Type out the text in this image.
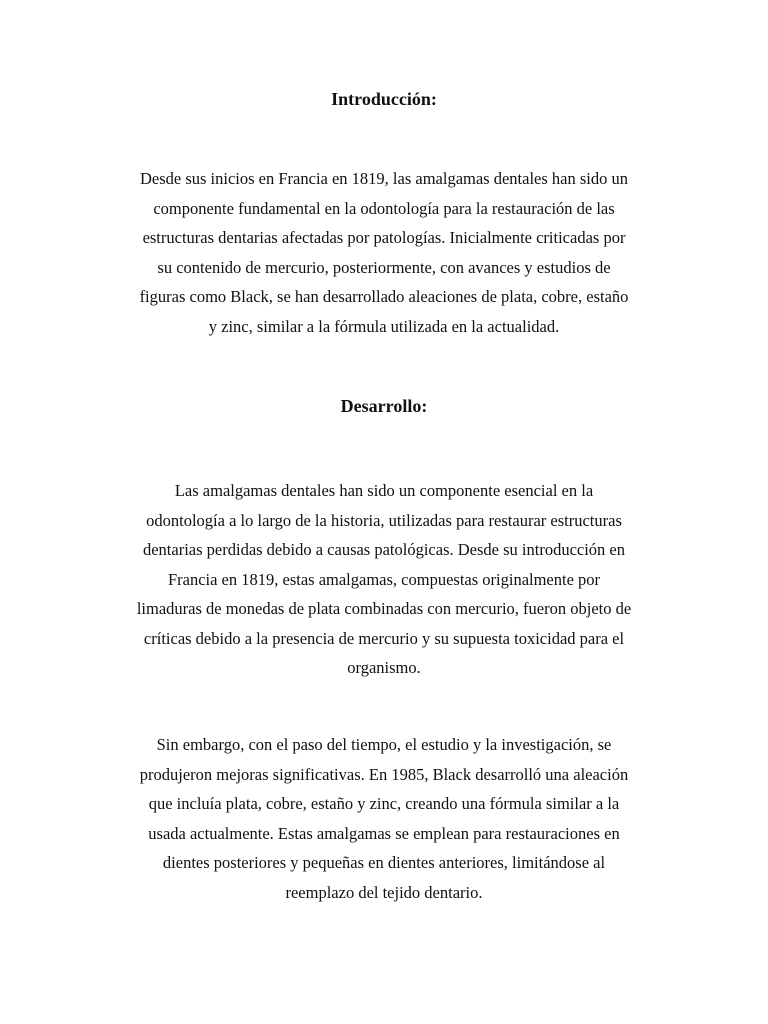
Introducción:
Desde sus inicios en Francia en 1819, las amalgamas dentales han sido un
componente fundamental en la odontología para la restauración de las
estructuras dentarias afectadas por patologías. Inicialmente criticadas por
su contenido de mercurio, posteriormente, con avances y estudios de
figuras como Black, se han desarrollado aleaciones de plata, cobre, estaño
y zinc, similar a la fórmula utilizada en la actualidad.
Desarrollo:
Las amalgamas dentales han sido un componente esencial en la
odontología a lo largo de la historia, utilizadas para restaurar estructuras
dentarias perdidas debido a causas patológicas. Desde su introducción en
Francia en 1819, estas amalgamas, compuestas originalmente por
limaduras de monedas de plata combinadas con mercurio, fueron objeto de
críticas debido a la presencia de mercurio y su supuesta toxicidad para el
organismo.
Sin embargo, con el paso del tiempo, el estudio y la investigación, se
produjeron mejoras significativas. En 1985, Black desarrolló una aleación
que incluía plata, cobre, estaño y zinc, creando una fórmula similar a la
usada actualmente. Estas amalgamas se emplean para restauraciones en
dientes posteriores y pequeñas en dientes anteriores, limitándose al
reemplazo del tejido dentario.
